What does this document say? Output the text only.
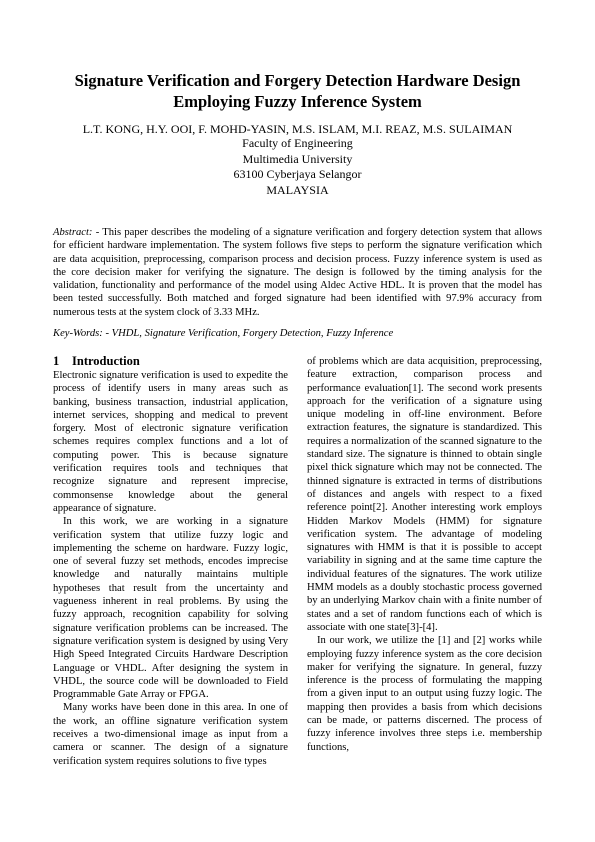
Signature Verification and Forgery Detection Hardware Design
Employing Fuzzy Inference System
L.T. KONG, H.Y. OOI, F. MOHD-YASIN, M.S. ISLAM, M.I. REAZ, M.S. SULAIMAN
Faculty of Engineering
Multimedia University
63100 Cyberjaya Selangor
MALAYSIA
Abstract: - This paper describes the modeling of a signature verification and forgery detection system that allows for efficient hardware implementation. The system follows five steps to perform the signature verification which are data acquisition, preprocessing, comparison process and decision process. Fuzzy inference system is used as the core decision maker for verifying the signature. The design is followed by the timing analysis for the validation, functionality and performance of the model using Aldec Active HDL. It is proven that the model has been tested successfully. Both matched and forged signature had been identified with 97.9% accuracy from numerous tests at the system clock of 3.33 MHz.
Key-Words: - VHDL, Signature Verification, Forgery Detection, Fuzzy Inference
1 Introduction

Electronic signature verification is used to expedite the process of identify users in many areas such as banking, business transaction, industrial application, internet services, shopping and medical to prevent forgery. Most of electronic signature verification schemes requires complex functions and a lot of computing power. This is because signature verification requires tools and techniques that recognize signature and represent imprecise, commonsense knowledge about the general appearance of signature.

In this work, we are working in a signature verification system that utilize fuzzy logic and implementing the scheme on hardware. Fuzzy logic, one of several fuzzy set methods, encodes imprecise knowledge and naturally maintains multiple hypotheses that result from the uncertainty and vagueness inherent in real problems. By using the fuzzy approach, recognition capability for solving signature verification problems can be increased. The signature verification system is designed by using Very High Speed Integrated Circuits Hardware Description Language or VHDL. After designing the system in VHDL, the source code will be downloaded to Field Programmable Gate Array or FPGA.

Many works have been done in this area. In one of the work, an offline signature verification system receives a two-dimensional image as input from a camera or scanner. The design of a signature verification system requires solutions to five types

of problems which are data acquisition, preprocessing, feature extraction, comparison process and performance evaluation[1]. The second work presents approach for the verification of a signature using unique modeling in off-line environment. Before extraction features, the signature is standardized. This requires a normalization of the scanned signature to the standard size. The signature is thinned to obtain single pixel thick signature which may not be connected. The thinned signature is extracted in terms of distributions of distances and angels with respect to a fixed reference point[2]. Another interesting work employs Hidden Markov Models (HMM) for signature verification system. The advantage of modeling signatures with HMM is that it is possible to accept variability in signing and at the same time capture the individual features of the signatures. The work utilize HMM models as a doubly stochastic process governed by an underlying Markov chain with a finite number of states and a set of random functions each of which is associate with one state[3]-[4].

In our work, we utilize the [1] and [2] works while employing fuzzy inference system as the core decision maker for verifying the signature. In general, fuzzy inference is the process of formulating the mapping from a given input to an output using fuzzy logic. The mapping then provides a basis from which decisions can be made, or patterns discerned. The process of fuzzy inference involves three steps i.e. membership functions,
